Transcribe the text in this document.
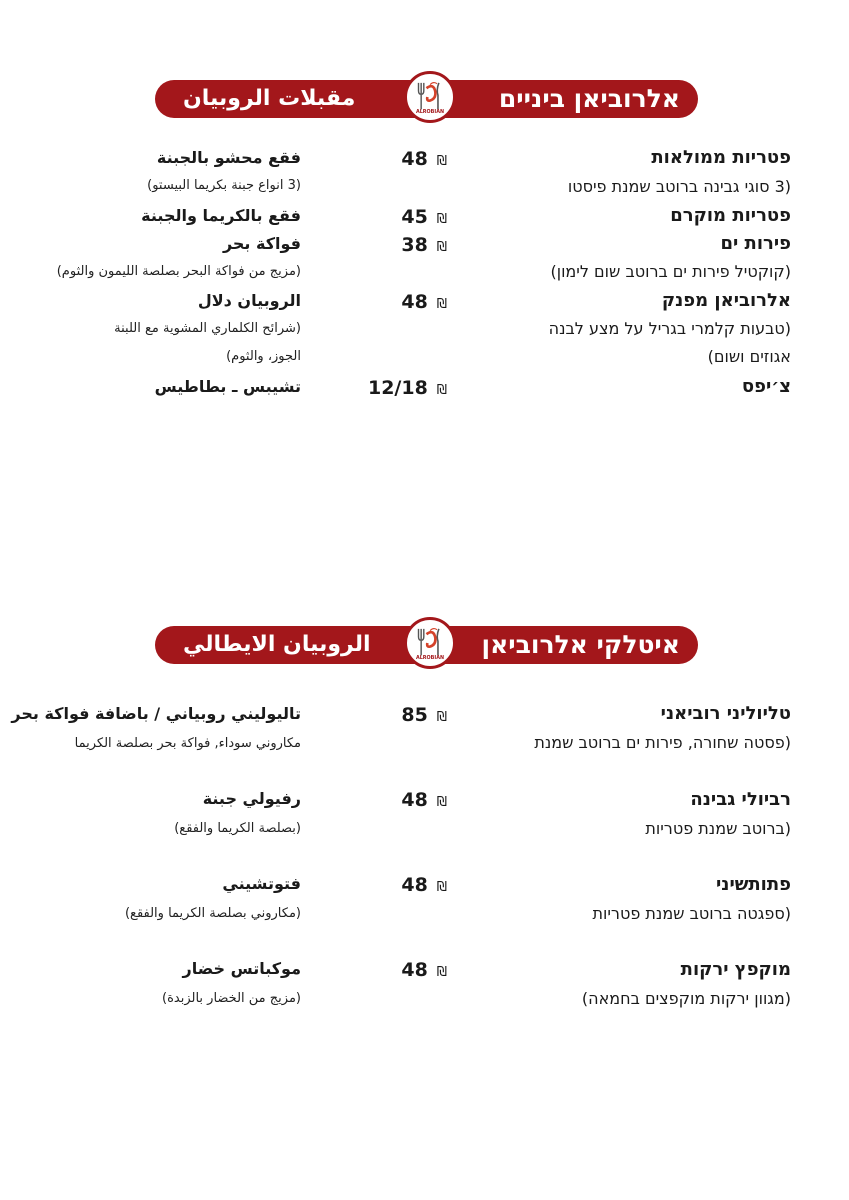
אלרוביאן ביניים
مقبلات الروبيان
ALROBIAN
פטריות ממולאות
48 ₪
فقع محشو بالجبنة
(3 סוגי גבינה ברוטב שמנת פיסטו
(3 انواع جبنة بكريما البيستو)
פטריות מוקרם
45 ₪
فقع بالكريما والجبنة
פירות ים
38 ₪
فواكة بحر
(קוקטיל פירות ים ברוטב שום לימון)
(مزيج من فواكة البحر بصلصة الليمون والثوم)
אלרוביאן מפנק
48 ₪
الروبيان دلال
(טבעות קלמרי בגריל על מצע לבנה
(شرائح الكلماري المشوية مع اللبنة
אגוזים ושום)
الجوز، والثوم)
צ׳יפס
12/18 ₪
تشيبس ـ بطاطيس
איטלקי אלרוביאן
الروبيان الايطالي
ALROBIAN
טליוליני רוביאני
85 ₪
تاليوليني روبياني / باضافة فواكة بحر
(פסטה שחורה, פירות ים ברוטב שמנת
مكاروني سوداء, فواكة بحر بصلصة الكريما
רביולי גבינה
48 ₪
رفيولي جبنة
(ברוטב שמנת פטריות
(بصلصة الكريما والفقع)
פתותשיני
48 ₪
فتوتشيني
(ספגטה ברוטב שמנת פטריות
(مكاروني بصلصة الكريما والفقع)
מוקפץ ירקות
48 ₪
موكباتس خضار
(מגוון ירקות מוקפצים בחמאה)
(مزيج من الخضار بالزبدة)
